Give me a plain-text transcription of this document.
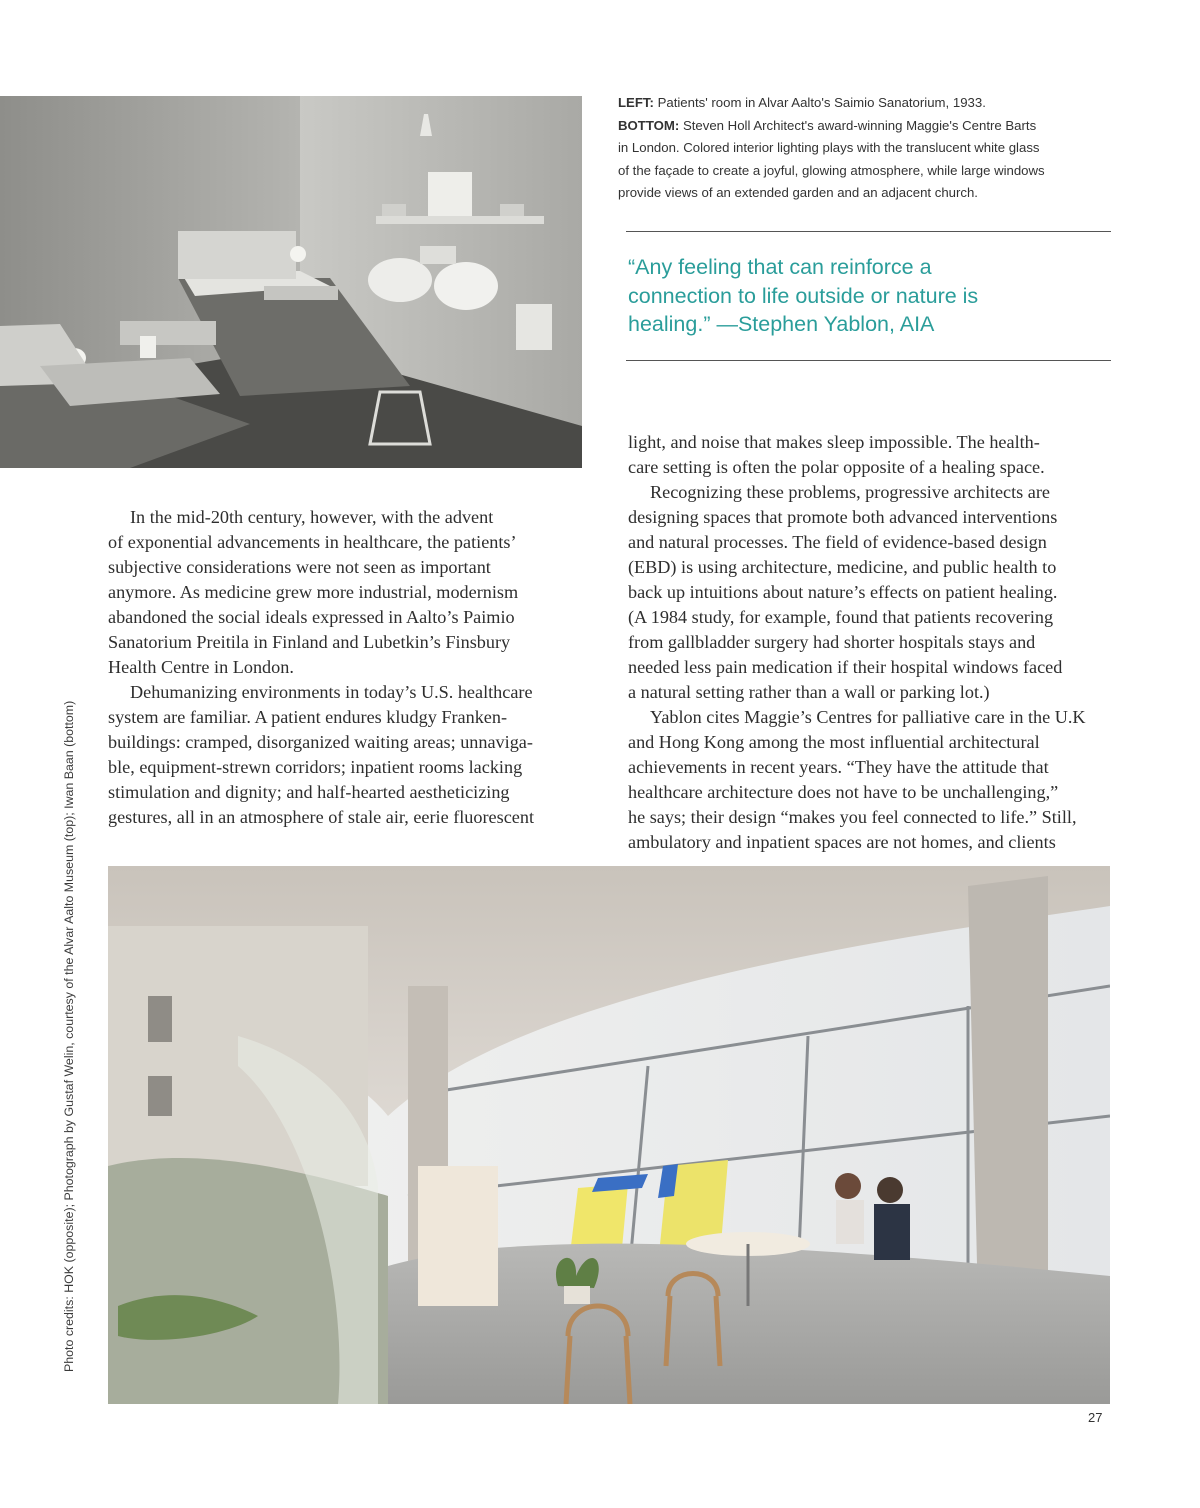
LEFT: Patients' room in Alvar Aalto's Saimio Sanatorium, 1933.

BOTTOM: Steven Holl Architect's award-winning Maggie's Centre Barts

in London. Colored interior lighting plays with the translucent white glass

of the façade to create a joyful, glowing atmosphere, while large windows

provide views of an extended garden and an adjacent church.

“Any feeling that can reinforce a
connection to life outside or nature is
healing.” —Stephen Yablon, AIA
In the mid-20th century, however, with the advent
of exponential advancements in healthcare, the patients’
subjective considerations were not seen as important
anymore. As medicine grew more industrial, modernism
abandoned the social ideals expressed in Aalto’s Paimio
Sanatorium Preitila in Finland and Lubetkin’s Finsbury
Health Centre in London.
Dehumanizing environments in today’s U.S. healthcare
system are familiar. A patient endures kludgy Franken-
buildings: cramped, disorganized waiting areas; unnaviga-
ble, equipment-strewn corridors; inpatient rooms lacking
stimulation and dignity; and half-hearted aestheticizing
gestures, all in an atmosphere of stale air, eerie fluorescent
light, and noise that makes sleep impossible. The health-
care setting is often the polar opposite of a healing space.
Recognizing these problems, progressive architects are
designing spaces that promote both advanced interventions
and natural processes. The field of evidence-based design
(EBD) is using architecture, medicine, and public health to
back up intuitions about nature’s effects on patient healing.
(A 1984 study, for example, found that patients recovering
from gallbladder surgery had shorter hospitals stays and
needed less pain medication if their hospital windows faced
a natural setting rather than a wall or parking lot.)
Yablon cites Maggie’s Centres for palliative care in the U.K
and Hong Kong among the most influential architectural
achievements in recent years. “They have the attitude that
healthcare architecture does not have to be unchallenging,”
he says; their design “makes you feel connected to life.” Still,
ambulatory and inpatient spaces are not homes, and clients
Photo credits: HOK (opposite); Photograph by Gustaf Welin, courtesy of the Alvar Aalto Museum (top); Iwan Baan (bottom)
27
